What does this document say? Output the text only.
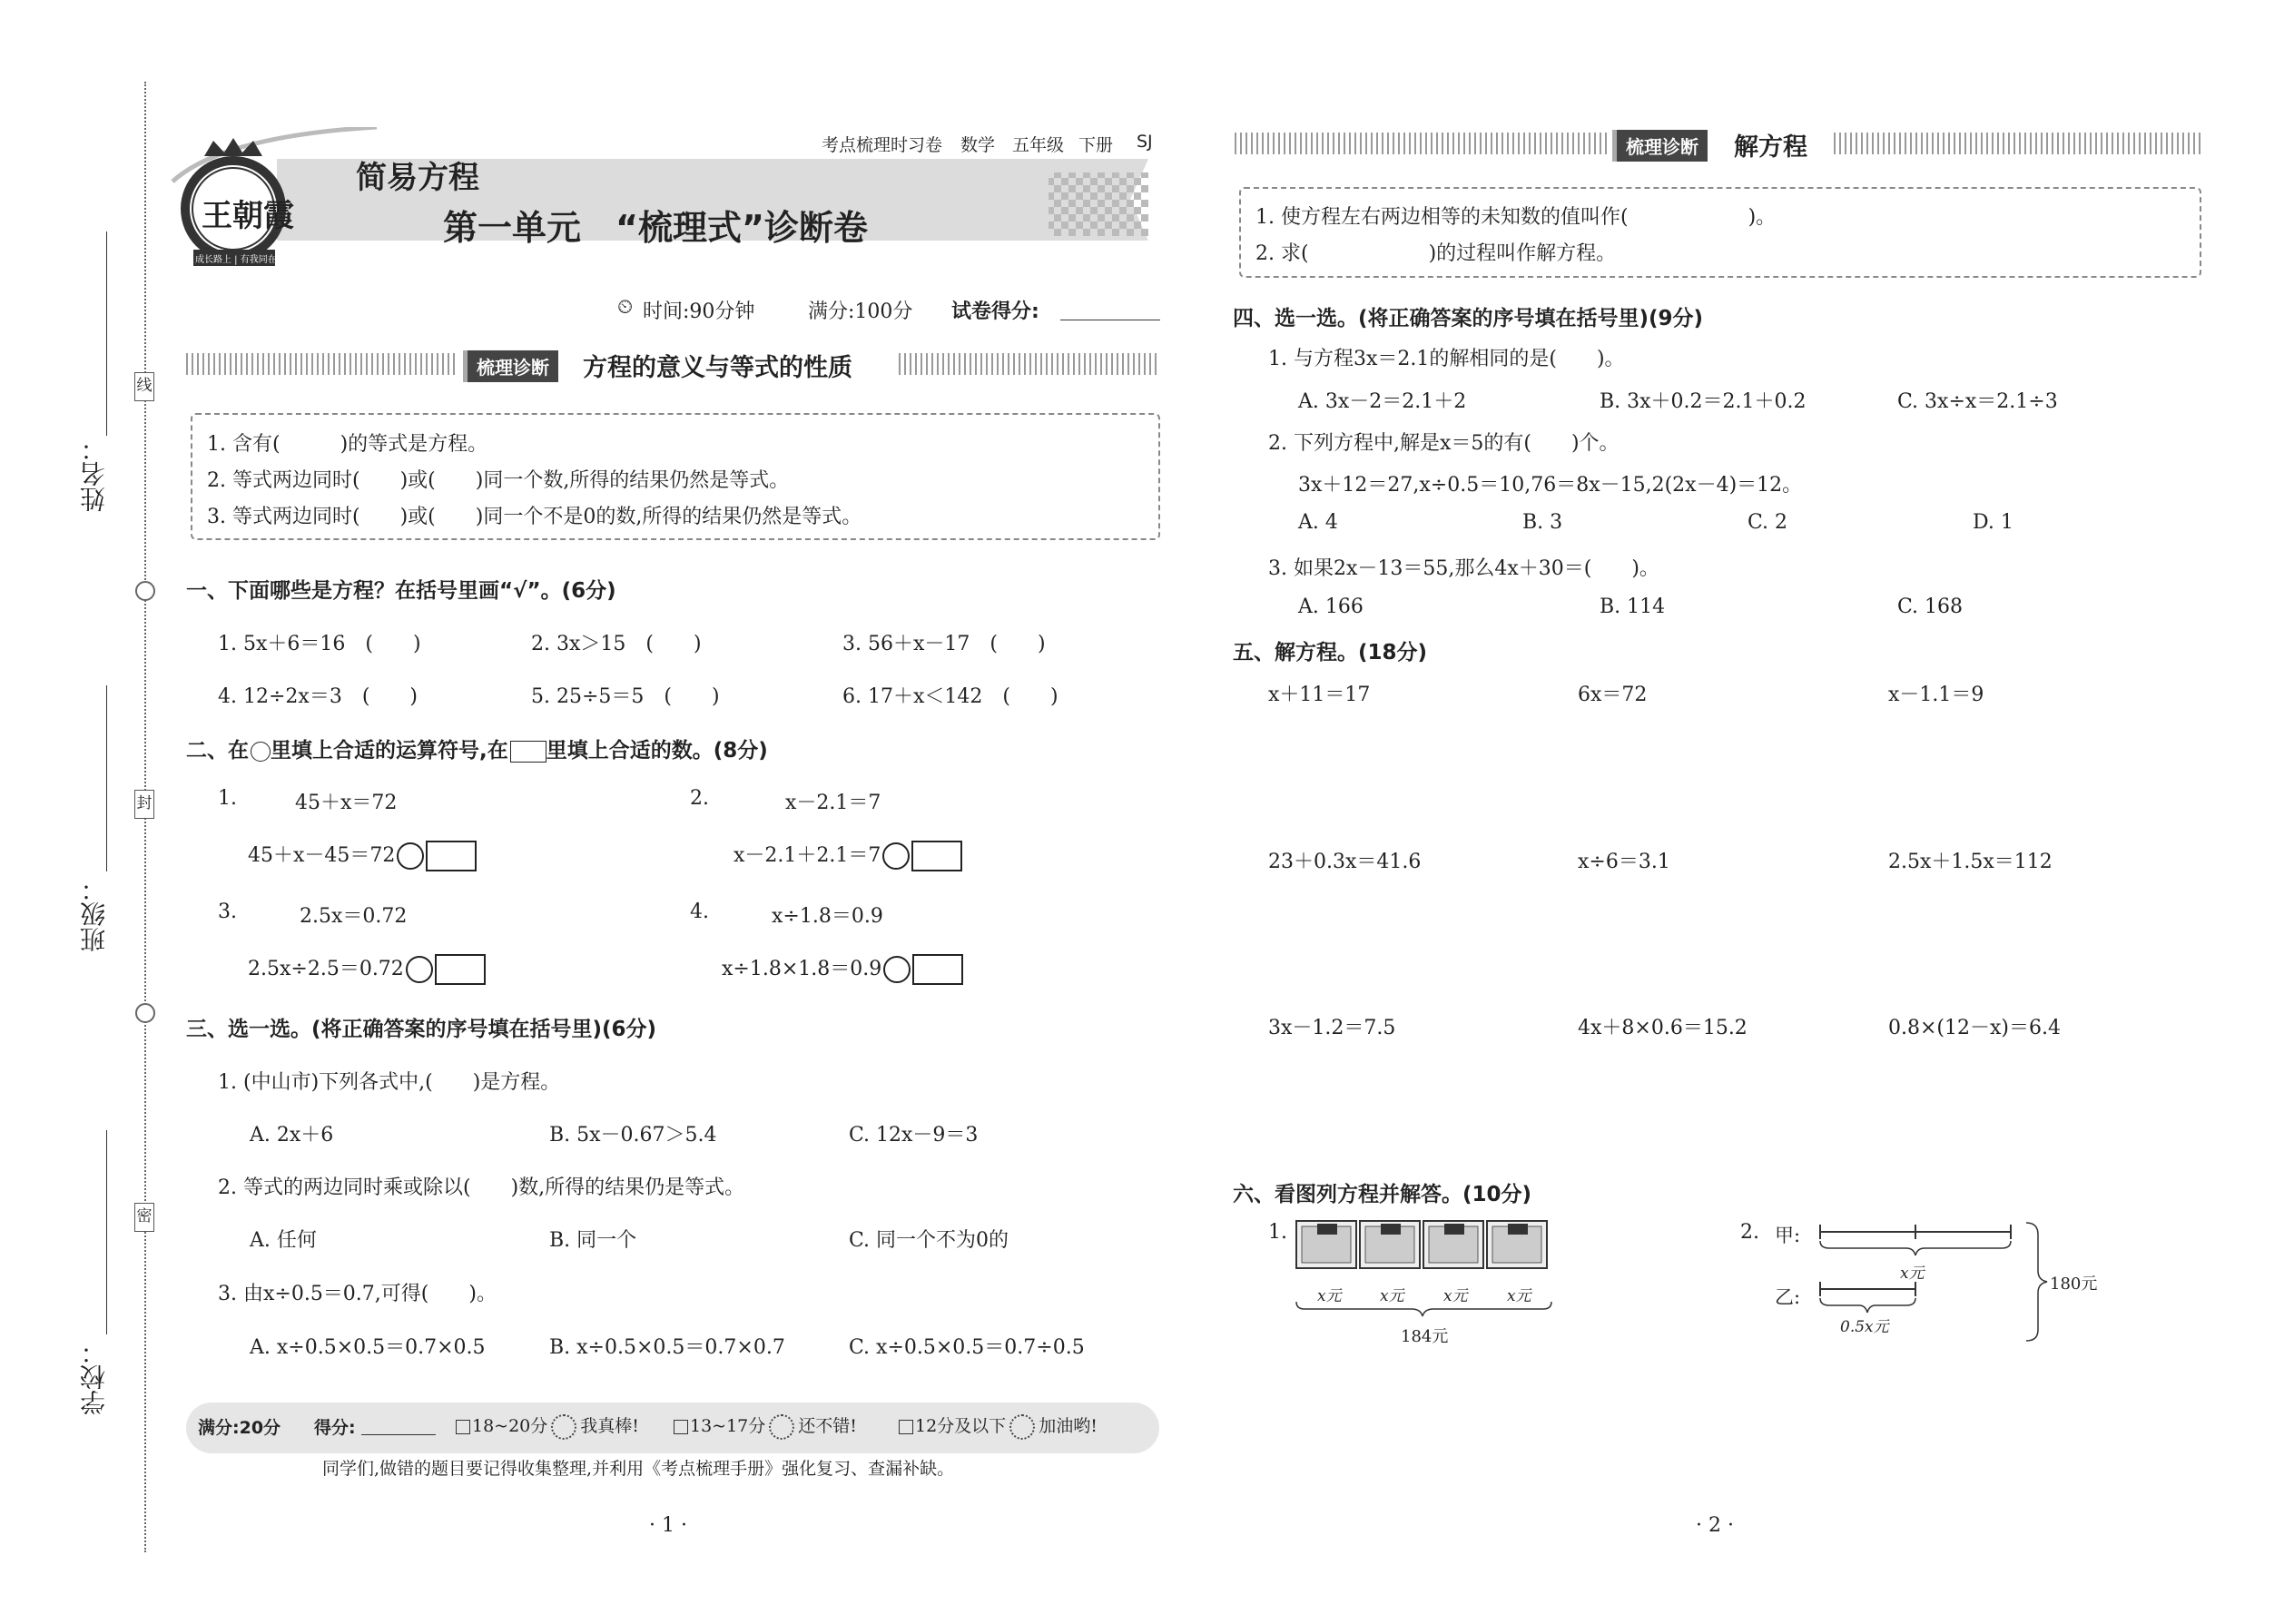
线
封
密
姓名：
班级：
学校：
王朝霞
成长路上 | 有我同在
考点梳理时习卷 数学 五年级 下册 SJ
简易方程
第一单元　“梳理式”诊断卷
⏲ 时间:90分钟	满分:100分 试卷得分:
梳理诊断	方程的意义与等式的性质
1. 含有(　　　)的等式是方程。
2. 等式两边同时(　　)或(　　)同一个数,所得的结果仍然是等式。
3. 等式两边同时(　　)或(　　)同一个不是0的数,所得的结果仍然是等式。
一、下面哪些是方程？在括号里画“√”。(6分)
1. 5x＋6＝16　(　　)	2. 3x＞15　(　　)	3. 56＋x－17　(　　)
4. 12÷2x＝3　(　　)	5. 25÷5＝5　(　　)	6. 17＋x＜142　(　　)
二、在 里填上合适的运算符号,在 里填上合适的数。(8分)
1.	45＋x＝72
45＋x－45＝72
2.	x－2.1＝7
x－2.1＋2.1＝7
3.	2.5x＝0.72
2.5x÷2.5＝0.72
4.	x÷1.8＝0.9
x÷1.8×1.8＝0.9
三、选一选。(将正确答案的序号填在括号里)(6分)
1. (中山市)下列各式中,(　　)是方程。
A. 2x＋6	B. 5x－0.67＞5.4	C. 12x－9＝3
2. 等式的两边同时乘或除以(　　)数,所得的结果仍是等式。
A. 任何	B. 同一个	C. 同一个不为0的
3. 由x÷0.5＝0.7,可得(　　)。
A. x÷0.5×0.5＝0.7×0.5	B. x÷0.5×0.5＝0.7×0.7	C. x÷0.5×0.5＝0.7÷0.5
满分:20分 得分:	18~20分 我真棒!	13~17分 还不错!	12分及以下 加油哟!
同学们,做错的题目要记得收集整理,并利用《考点梳理手册》强化复习、查漏补缺。
· 1 ·
梳理诊断	解方程
1. 使方程左右两边相等的未知数的值叫作(　　　　　　)。
2. 求(　　　　　　)的过程叫作解方程。
四、选一选。(将正确答案的序号填在括号里)(9分)
1. 与方程3x＝2.1的解相同的是(　　)。
A. 3x－2＝2.1＋2	B. 3x＋0.2＝2.1＋0.2	C. 3x÷x＝2.1÷3
2. 下列方程中,解是x＝5的有(　　)个。
3x＋12＝27,x÷0.5＝10,76＝8x－15,2(2x－4)＝12。
A. 4	B. 3	C. 2	D. 1
3. 如果2x－13＝55,那么4x＋30＝(　　)。
A. 166	B. 114	C. 168
五、解方程。(18分)
x＋11＝17	6x＝72	x－1.1＝9
23＋0.3x＝41.6	x÷6＝3.1	2.5x＋1.5x＝112
3x－1.2＝7.5	4x＋8×0.6＝15.2	0.8×(12－x)＝6.4
六、看图列方程并解答。(10分)
1.
x元 x元	x元	x元
184元
2. 甲:
乙:
x元
0.5x元
180元
· 2 ·
